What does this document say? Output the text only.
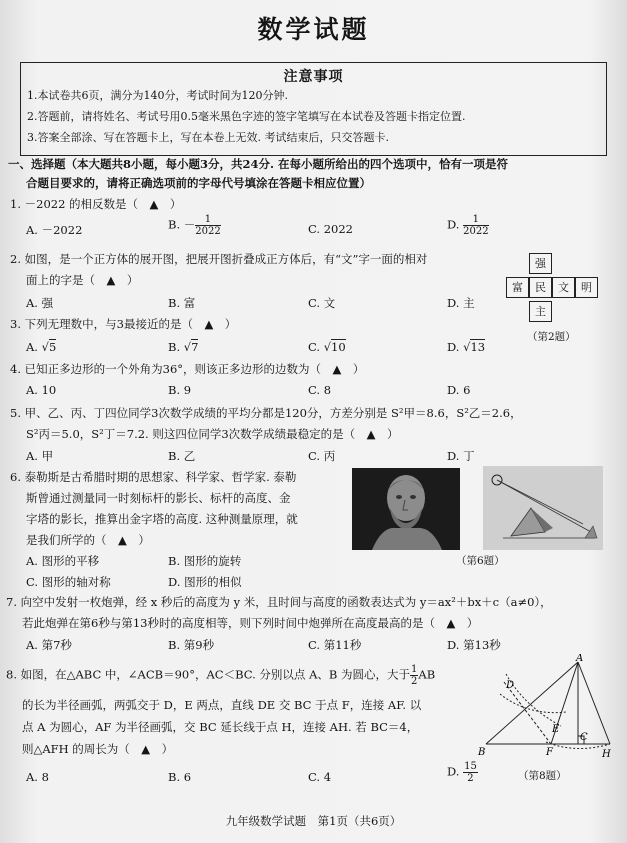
数学试题
注意事项
1.本试卷共6页，满分为140分，考试时间为120分钟.
2.答题前，请将姓名、考试号用0.5毫米黑色字迹的签字笔填写在本试卷及答题卡指定位置.
3.答案全部涂、写在答题卡上，写在本卷上无效. 考试结束后，只交答题卡.
一、选择题（本大题共8小题，每小题3分，共24分. 在每小题所给出的四个选项中，恰有一项是符
合题目要求的，请将正确选项前的字母代号填涂在答题卡相应位置）
1. －2022 的相反数是（　▲　）
A. －2022	B. － $\frac{1}{2022}$	C. 2022	D. $\frac{1}{2022}$
2. 如图，是一个正方体的展开图，把展开图折叠成正方体后，有“文”字一面的相对
面上的字是（　▲　）
A. 强	B. 富	C. 文	D. 主
强
富	民	文	明
主
（第2题）
3. 下列无理数中，与3最接近的是（　▲　）
A. √5	B. √7	C. √10	D. √13
4. 已知正多边形的一个外角为36°，则该正多边形的边数为（　▲　）
A. 10	B. 9	C. 8	D. 6
5. 甲、乙、丙、丁四位同学3次数学成绩的平均分都是120分，方差分别是 S²甲＝8.6，S²乙＝2.6，
S²丙＝5.0，S²丁＝7.2. 则这四位同学3次数学成绩最稳定的是（　▲　）
A. 甲	B. 乙	C. 丙	D. 丁
6. 泰勒斯是古希腊时期的思想家、科学家、哲学家. 泰勒
斯曾通过测量同一时刻标杆的影长、标杆的高度、金
字塔的影长，推算出金字塔的高度. 这种测量原理，就
是我们所学的（　▲　）
A. 图形的平移	B. 图形的旋转
C. 图形的轴对称	D. 图形的相似
（第6题）
7. 向空中发射一枚炮弹，经 x 秒后的高度为 y 米，且时间与高度的函数表达式为 y＝ax²＋bx＋c（a≠0），
若此炮弹在第6秒与第13秒时的高度相等，则下列时间中炮弹所在高度最高的是（　▲　）
A. 第7秒	B. 第9秒	C. 第11秒	D. 第13秒
8. 如图，在△ABC 中，∠ACB＝90°，AC＜BC. 分别以点 A、B 为圆心，大于 $\frac{1}{2}$ AB
的长为半径画弧，两弧交于 D，E 两点，直线 DE 交 BC 于点 F，连接 AF. 以
点 A 为圆心，AF 为半径画弧，交 BC 延长线于点 H，连接 AH. 若 BC＝4，
则△AFH 的周长为（　▲　）
A. 8	B. 6	C. 4	D. $\frac{15}{2}$
A
D
E
B	F
C
H
（第8题）
九年级数学试题　第1页（共6页）
